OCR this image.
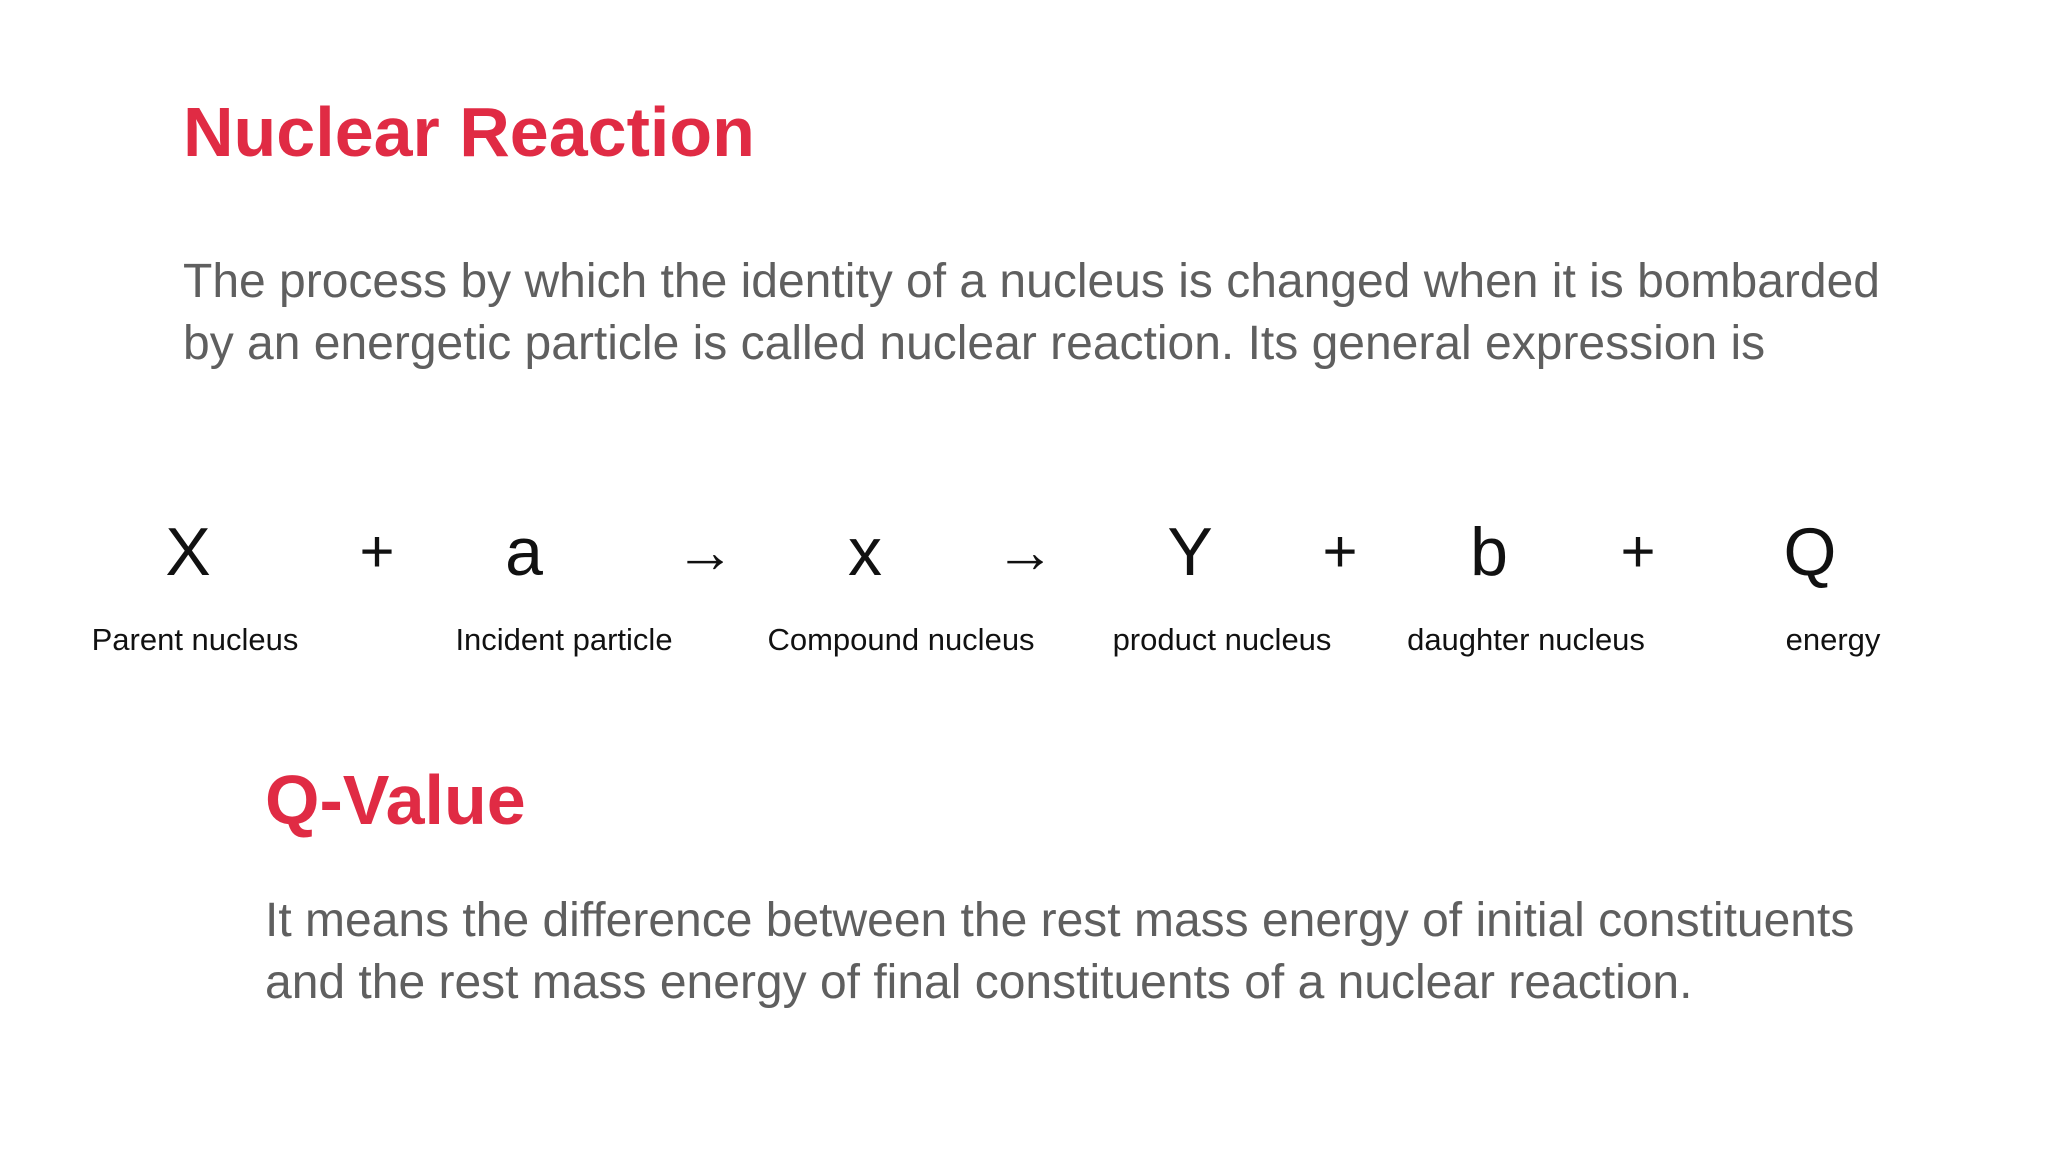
Nuclear Reaction

The process by which the identity of a nucleus is changed when it is bombarded by an energetic particle is called nuclear reaction. Its general expression is

X + a → x → Y + b + Q
Parent nucleus	Incident particle	Compound nucleus	product nucleus daughter nucleus	energy
Q-Value

It means the difference between the rest mass energy of initial constituents and the rest mass energy of final constituents of a nuclear reaction.
